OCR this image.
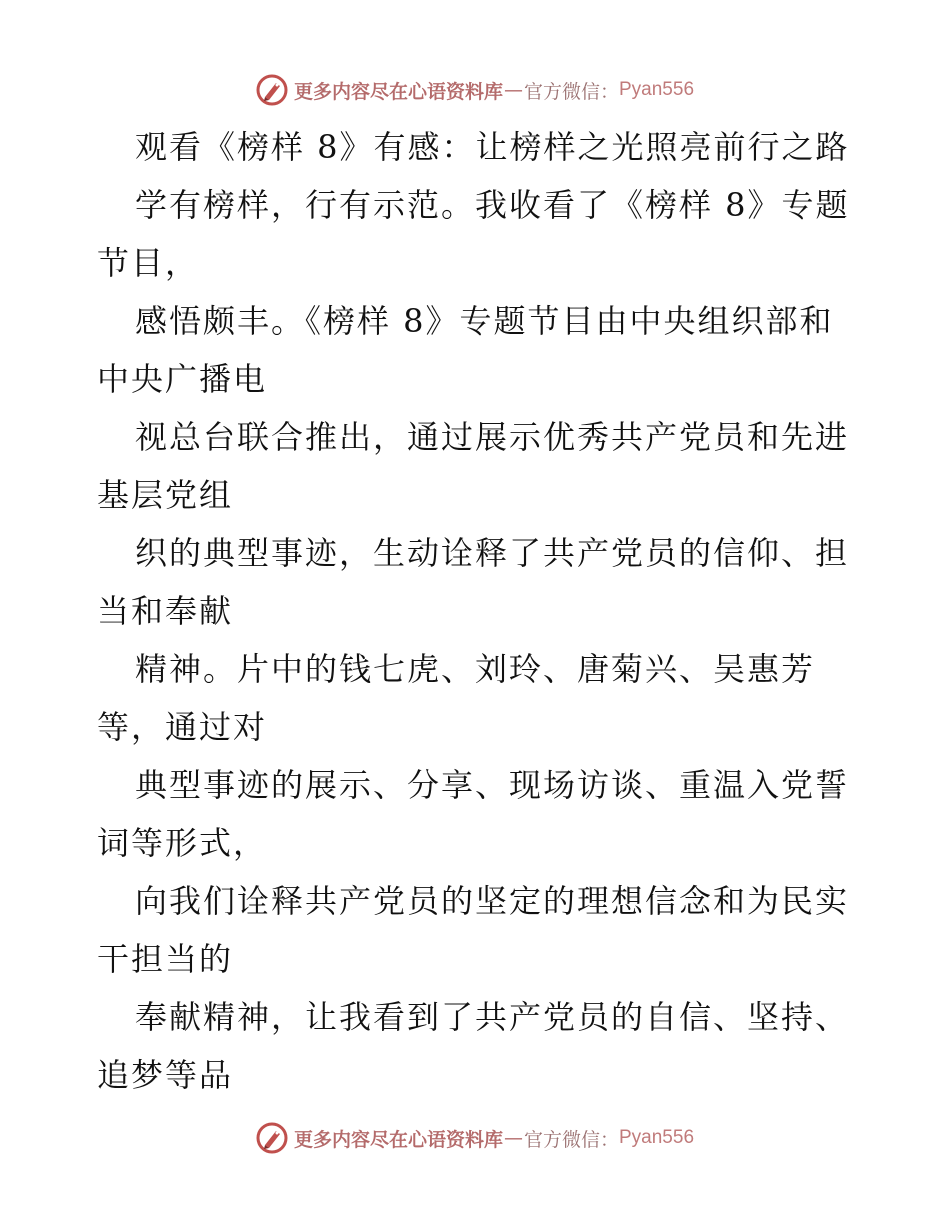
更多内容尽在心语资料库 — 官方微信： Pyan556
观看《榜样 8》有感：让榜样之光照亮前行之路
学有榜样，行有示范。我收看了《榜样 8》专题
节目，
感悟颇丰。《榜样 8》专题节目由中央组织部和
中央广播电
视总台联合推出，通过展示优秀共产党员和先进
基层党组
织的典型事迹，生动诠释了共产党员的信仰、担
当和奉献
精神。片中的钱七虎、刘玲、唐菊兴、吴惠芳
等，通过对
典型事迹的展示、分享、现场访谈、重温入党誓
词等形式，
向我们诠释共产党员的坚定的理想信念和为民实
干担当的
奉献精神，让我看到了共产党员的自信、坚持、
追梦等品
更多内容尽在心语资料库 — 官方微信： Pyan556
